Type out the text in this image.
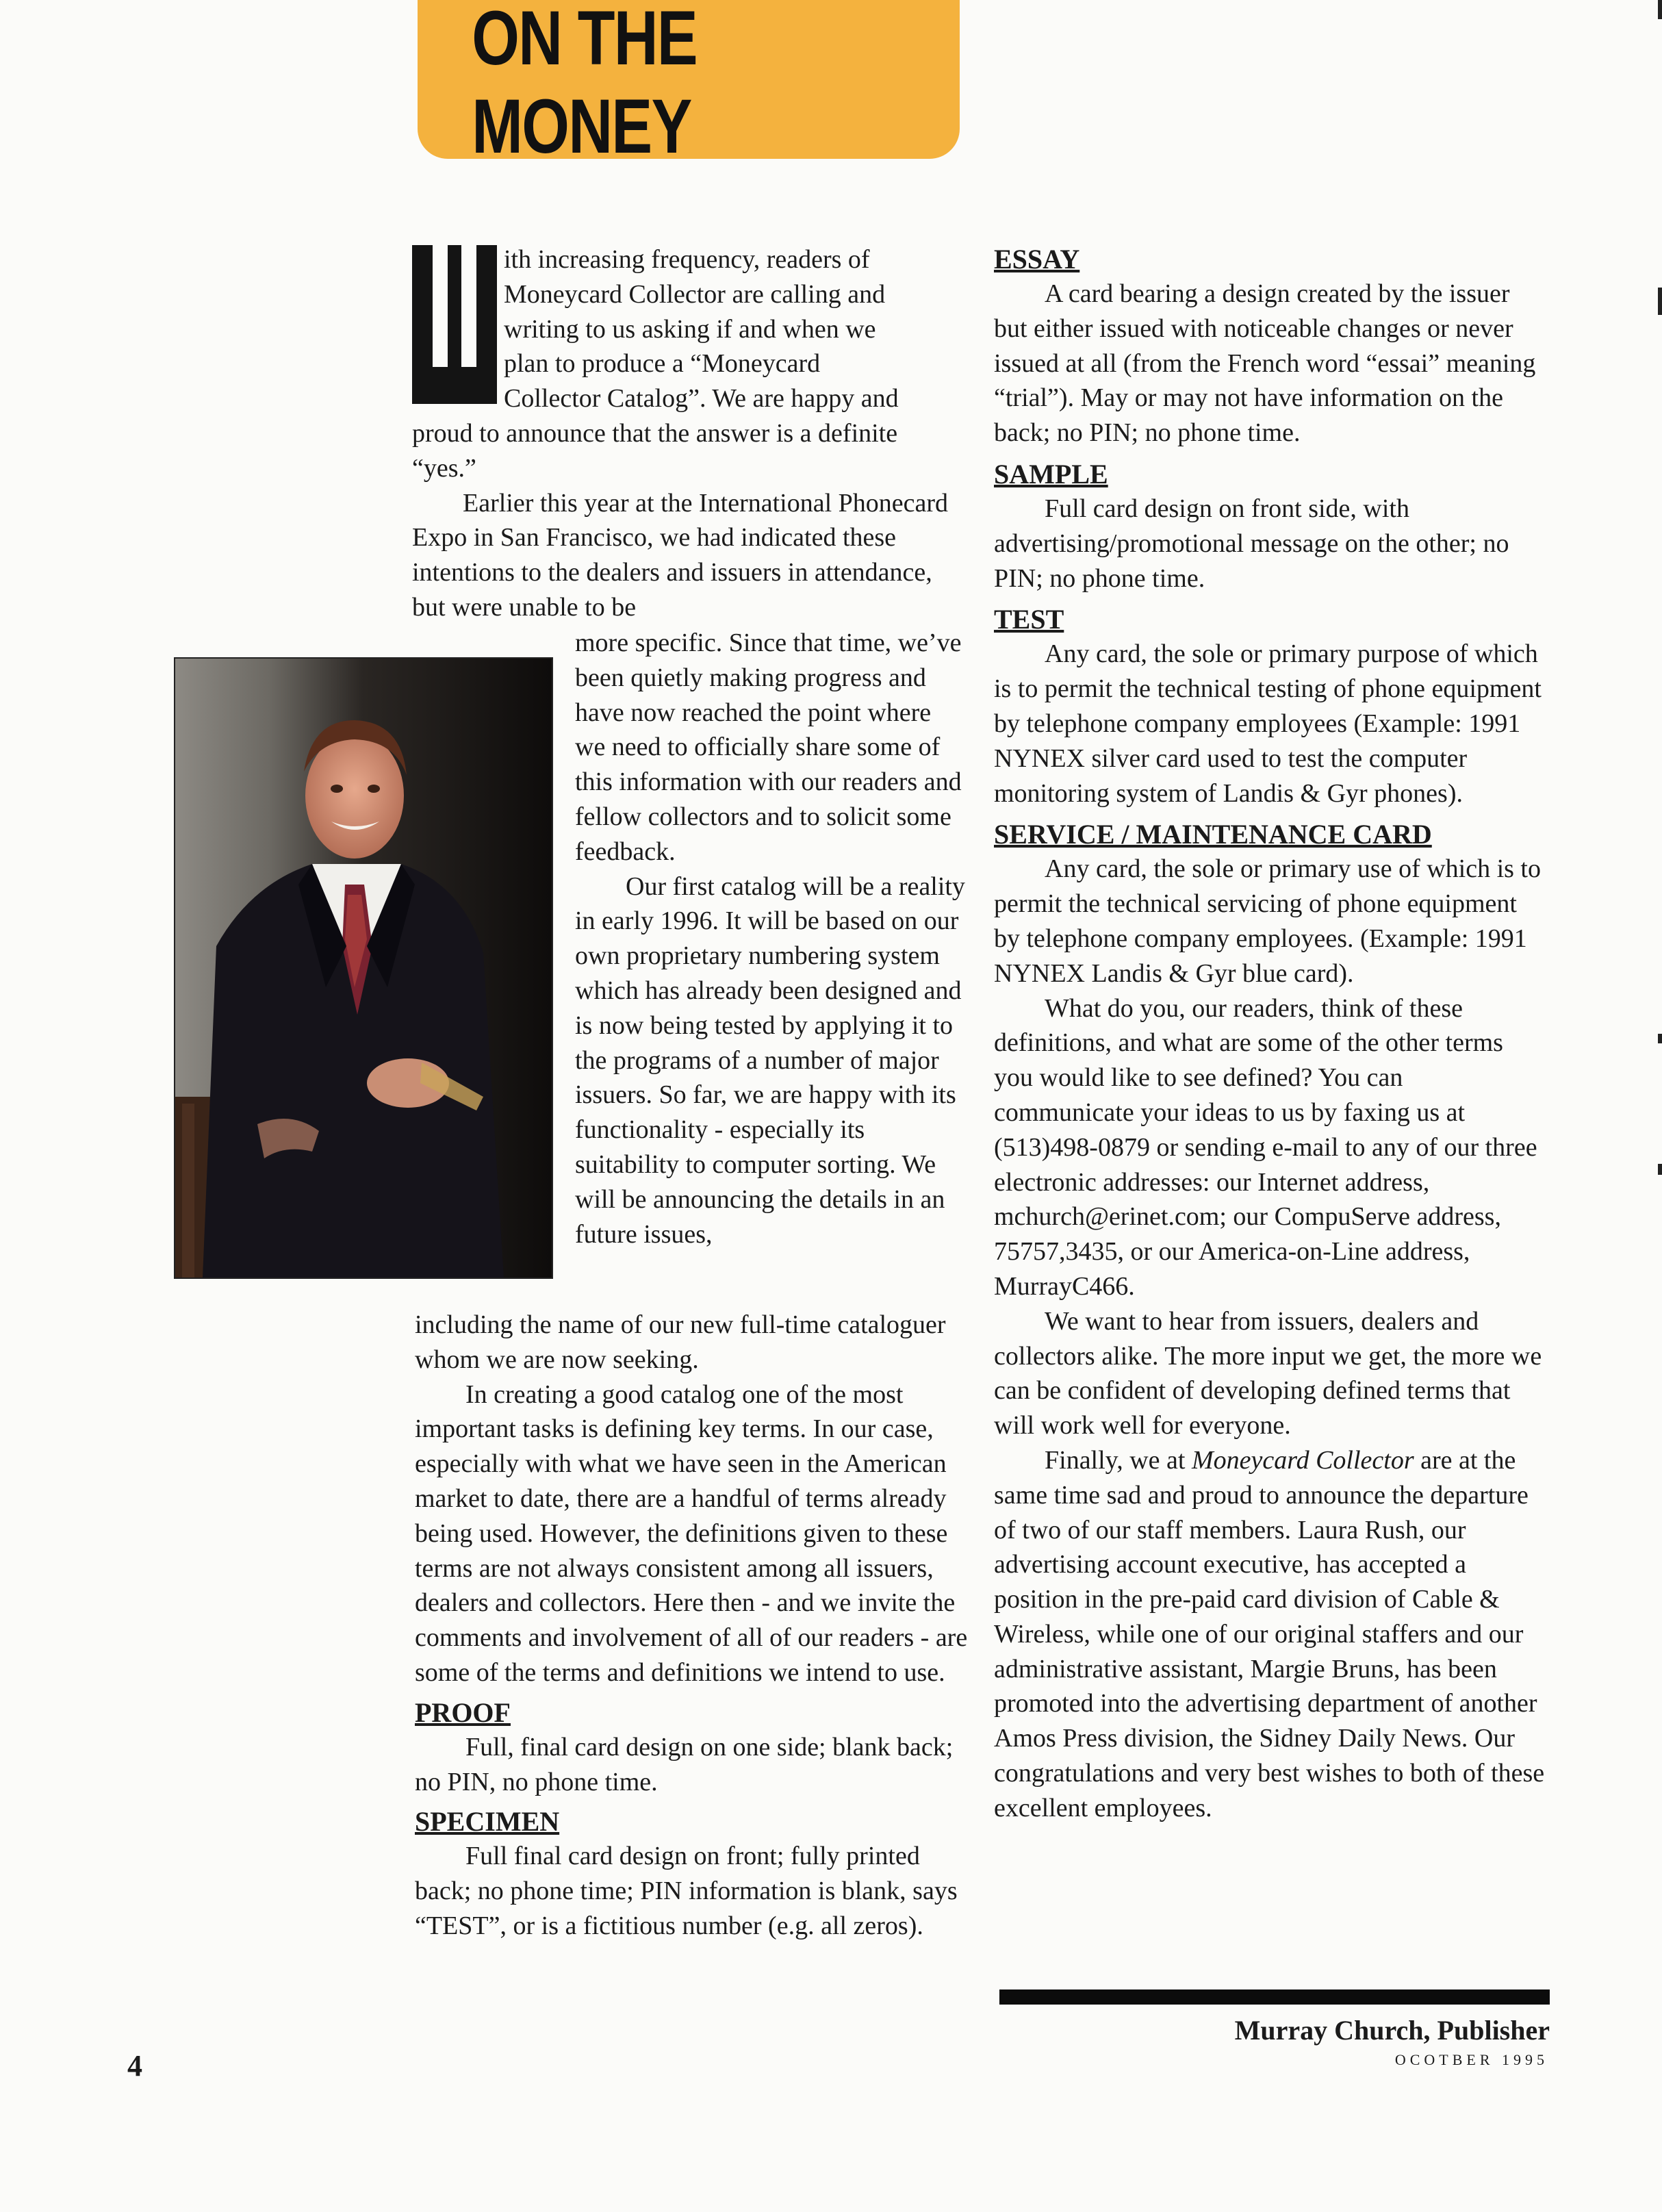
ON THE MONEY
ith increasing frequency, readers of
Moneycard Collector are calling and
writing to us asking if and when we
plan to produce a “Moneycard
Collector Catalog”. We are happy and

proud to announce that the answer is a definite “yes.”

Earlier this year at the International Phonecard Expo in San Francisco, we had indicated these intentions to the dealers and issuers in attendance, but were unable to be

more specific. Since that time, we’ve been quietly making progress and have now reached the point where we need to officially share some of this information with our readers and fellow collectors and to solicit some feedback.

Our first catalog will be a reality in early 1996. It will be based on our own proprietary numbering system which has already been designed and is now being tested by applying it to the programs of a number of major issuers. So far, we are happy with its functionality - especially its suitability to computer sorting. We will be announcing the details in an future issues,

including the name of our new full-time cataloguer whom we are now seeking.

In creating a good catalog one of the most important tasks is defining key terms. In our case, especially with what we have seen in the American market to date, there are a handful of terms already being used. However, the definitions given to these terms are not always consistent among all issuers, dealers and collectors. Here then - and we invite the comments and involvement of all of our readers - are some of the terms and definitions we intend to use.

PROOF

Full, final card design on one side; blank back; no PIN, no phone time.

SPECIMEN

Full final card design on front; fully printed back; no phone time; PIN information is blank, says “TEST”, or is a fictitious number (e.g. all zeros).

ESSAY

A card bearing a design created by the issuer but either issued with noticeable changes or never issued at all (from the French word “essai” meaning “trial”). May or may not have information on the back; no PIN; no phone time.

SAMPLE

Full card design on front side, with advertising/promotional message on the other; no PIN; no phone time.

TEST

Any card, the sole or primary purpose of which is to permit the technical testing of phone equipment by telephone company employees (Example: 1991 NYNEX silver card used to test the computer monitoring system of Landis & Gyr phones).

SERVICE / MAINTENANCE CARD

Any card, the sole or primary use of which is to permit the technical servicing of phone equipment by telephone company employees. (Example: 1991 NYNEX Landis & Gyr blue card).

What do you, our readers, think of these definitions, and what are some of the other terms you would like to see defined? You can communicate your ideas to us by faxing us at (513)498-0879 or sending e-mail to any of our three electronic addresses: our Internet address, mchurch@erinet.com; our CompuServe address, 75757,3435, or our America-on-Line address, MurrayC466.

We want to hear from issuers, dealers and collectors alike. The more input we get, the more we can be confident of developing defined terms that will work well for everyone.

Finally, we at Moneycard Collector are at the same time sad and proud to announce the departure of two of our staff members. Laura Rush, our advertising account executive, has accepted a position in the pre-paid card division of Cable & Wireless, while one of our original staffers and our administrative assistant, Margie Bruns, has been promoted into the advertising department of another Amos Press division, the Sidney Daily News. Our congratulations and very best wishes to both of these excellent employees.

Murray Church, Publisher
4	OCOTBER 1995
